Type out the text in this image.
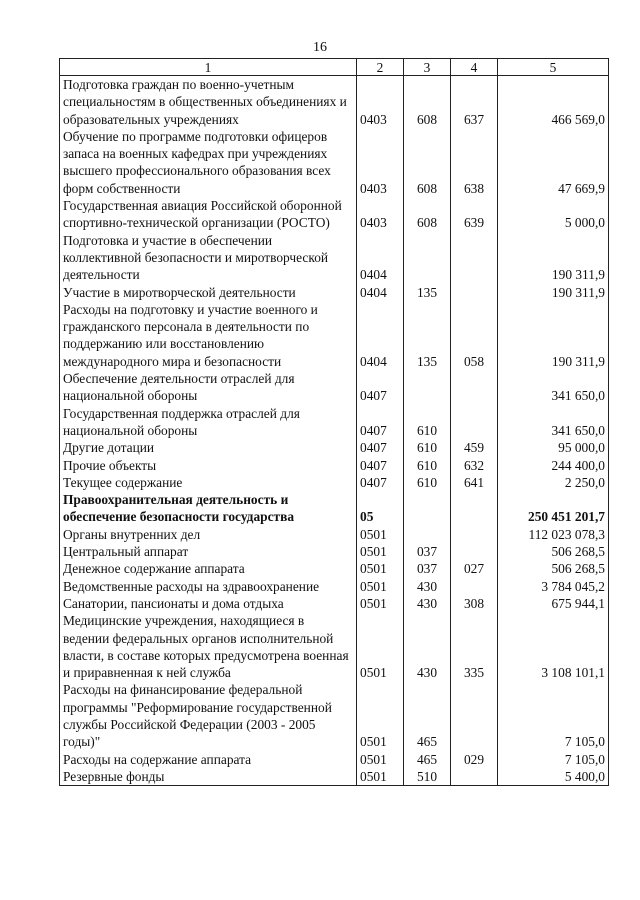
16
1	2	3	4	5
Подготовка граждан по военно-учетным специальностям в общественных объединениях и образовательных учреждениях	0403	608	637	466 569,0
Обучение по программе подготовки офицеров запаса на военных кафедрах при учреждениях высшего профессионального образования всех форм собственности	0403	608	638	47 669,9
Государственная авиация Российской оборонной спортивно-технической организации (РОСТО)	0403	608	639	5 000,0
Подготовка и участие в обеспечении коллективной безопасности и миротворческой деятельности	0404			190 311,9
Участие в миротворческой деятельности	0404	135		190 311,9
Расходы на подготовку и участие военного и гражданского персонала в деятельности по поддержанию или восстановлению международного мира и безопасности	0404	135	058	190 311,9
Обеспечение деятельности отраслей для национальной обороны	0407			341 650,0
Государственная поддержка отраслей для национальной обороны	0407	610		341 650,0
Другие дотации	0407	610	459	95 000,0
Прочие объекты	0407	610	632	244 400,0
Текущее содержание	0407	610	641	2 250,0
Правоохранительная деятельность и обеспечение безопасности государства	05			250 451 201,7
Органы внутренних дел	0501			112 023 078,3
Центральный аппарат	0501	037		506 268,5
Денежное содержание аппарата	0501	037	027	506 268,5
Ведомственные расходы на здравоохранение	0501	430		3 784 045,2
Санатории, пансионаты и дома отдыха	0501	430	308	675 944,1
Медицинские учреждения, находящиеся в ведении федеральных органов исполнительной власти, в составе которых предусмотрена военная и приравненная к ней служба	0501	430	335	3 108 101,1
Расходы на финансирование федеральной программы "Реформирование государственной службы Российской Федерации (2003 - 2005 годы)"	0501	465		7 105,0
Расходы на содержание аппарата	0501	465	029	7 105,0
Резервные фонды	0501	510		5 400,0
